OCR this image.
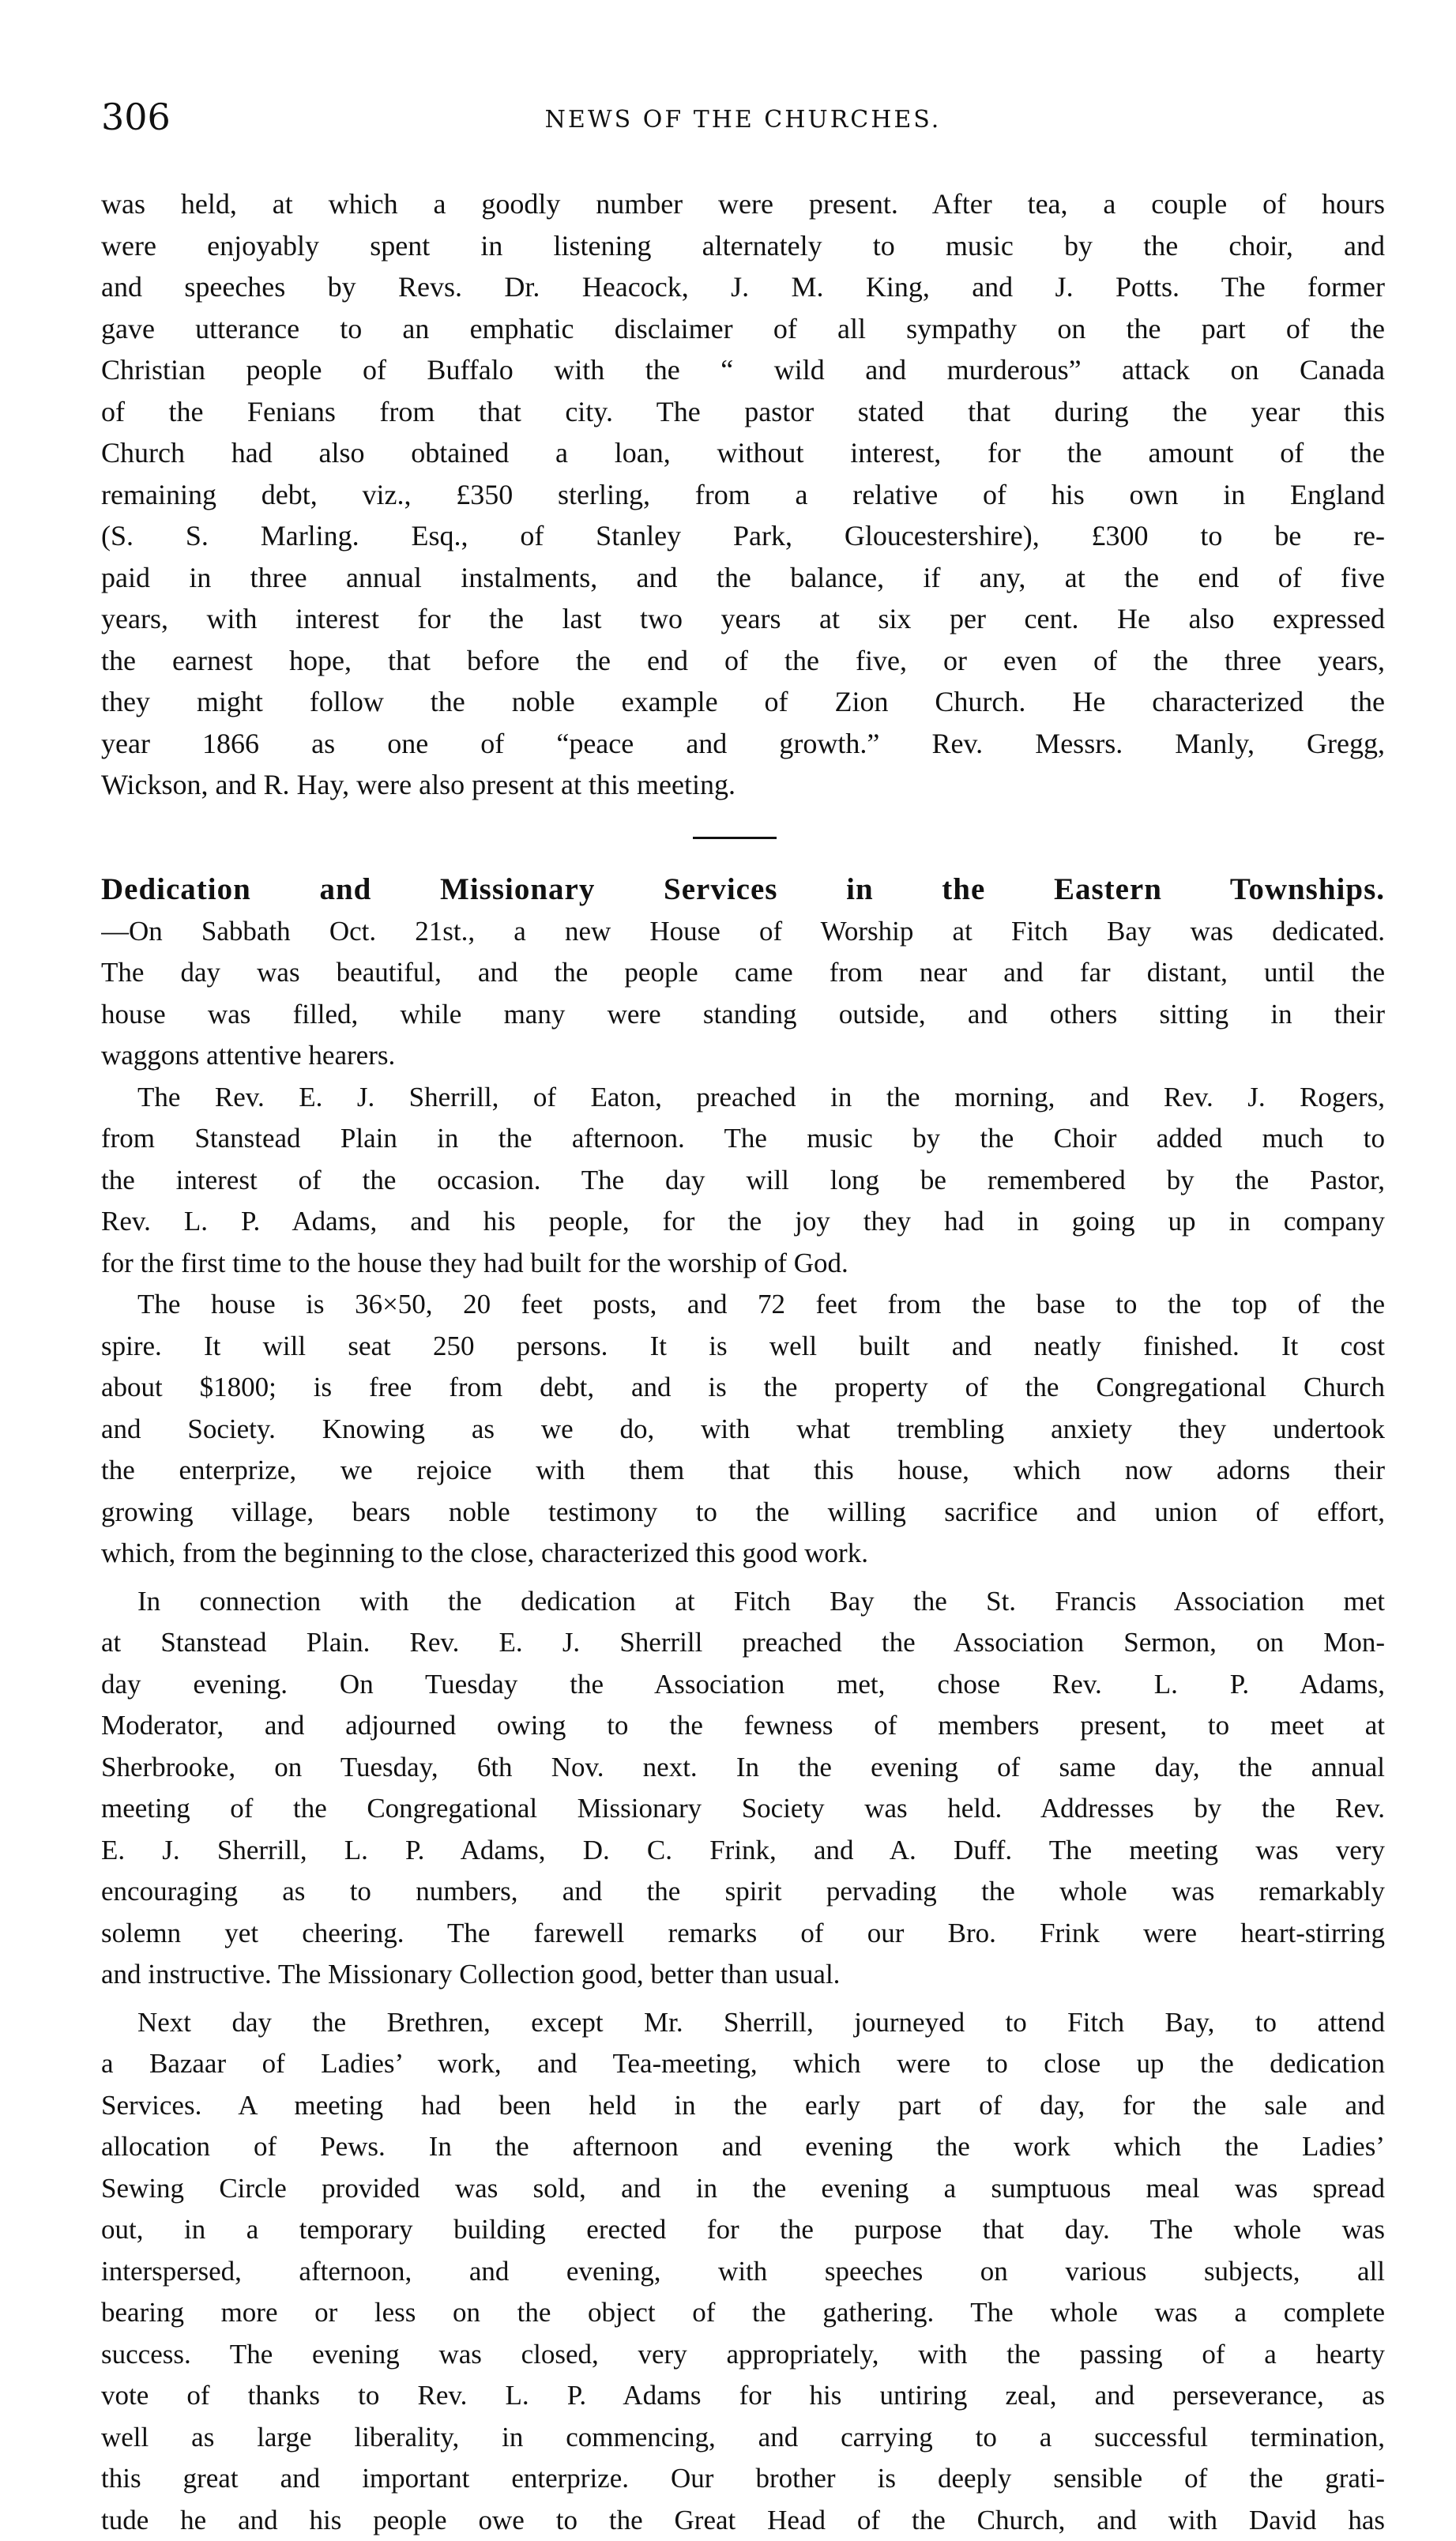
306	NEWS OF THE CHURCHES.
was held, at which a goodly number were present. After tea, a couple of hours
were enjoyably spent in listening alternately to music by the choir, and
and speeches by Revs. Dr. Heacock, J. M. King, and J. Potts. The former
gave utterance to an emphatic disclaimer of all sympathy on the part of the
Christian people of Buffalo with the “ wild and murderous” attack on Canada
of the Fenians from that city. The pastor stated that during the year this
Church had also obtained a loan, without interest, for the amount of the
remaining debt, viz., £350 sterling, from a relative of his own in England
(S. S. Marling. Esq., of Stanley Park, Gloucestershire), £300 to be re-
paid in three annual instalments, and the balance, if any, at the end of five
years, with interest for the last two years at six per cent. He also expressed
the earnest hope, that before the end of the five, or even of the three years,
they might follow the noble example of Zion Church. He characterized the
year 1866 as one of “peace and growth.” Rev. Messrs. Manly, Gregg,
Wickson, and R. Hay, were also present at this meeting.
Dedication and Missionary Services in the Eastern Townships.
—On Sabbath Oct. 21st., a new House of Worship at Fitch Bay was dedicated.
The day was beautiful, and the people came from near and far distant, until the
house was filled, while many were standing outside, and others sitting in their
waggons attentive hearers.
The Rev. E. J. Sherrill, of Eaton, preached in the morning, and Rev. J. Rogers,
from Stanstead Plain in the afternoon. The music by the Choir added much to
the interest of the occasion. The day will long be remembered by the Pastor,
Rev. L. P. Adams, and his people, for the joy they had in going up in company
for the first time to the house they had built for the worship of God.
The house is 36×50, 20 feet posts, and 72 feet from the base to the top of the
spire. It will seat 250 persons. It is well built and neatly finished. It cost
about $1800; is free from debt, and is the property of the Congregational Church
and Society. Knowing as we do, with what trembling anxiety they undertook
the enterprize, we rejoice with them that this house, which now adorns their
growing village, bears noble testimony to the willing sacrifice and union of effort,
which, from the beginning to the close, characterized this good work.
In connection with the dedication at Fitch Bay the St. Francis Association met
at Stanstead Plain. Rev. E. J. Sherrill preached the Association Sermon, on Mon-
day evening. On Tuesday the Association met, chose Rev. L. P. Adams,
Moderator, and adjourned owing to the fewness of members present, to meet at
Sherbrooke, on Tuesday, 6th Nov. next. In the evening of same day, the annual
meeting of the Congregational Missionary Society was held. Addresses by the Rev.
E. J. Sherrill, L. P. Adams, D. C. Frink, and A. Duff. The meeting was very
encouraging as to numbers, and the spirit pervading the whole was remarkably
solemn yet cheering. The farewell remarks of our Bro. Frink were heart-stirring
and instructive. The Missionary Collection good, better than usual.
Next day the Brethren, except Mr. Sherrill, journeyed to Fitch Bay, to attend
a Bazaar of Ladies’ work, and Tea-meeting, which were to close up the dedication
Services. A meeting had been held in the early part of day, for the sale and
allocation of Pews. In the afternoon and evening the work which the Ladies’
Sewing Circle provided was sold, and in the evening a sumptuous meal was spread
out, in a temporary building erected for the purpose that day. The whole was
interspersed, afternoon, and evening, with speeches on various subjects, all
bearing more or less on the object of the gathering. The whole was a complete
success. The evening was closed, very appropriately, with the passing of a hearty
vote of thanks to Rev. L. P. Adams for his untiring zeal, and perseverance, as
well as large liberality, in commencing, and carrying to a successful termination,
this great and important enterprize. Our brother is deeply sensible of the grati-
tude he and his people owe to the Great Head of the Church, and with David has
